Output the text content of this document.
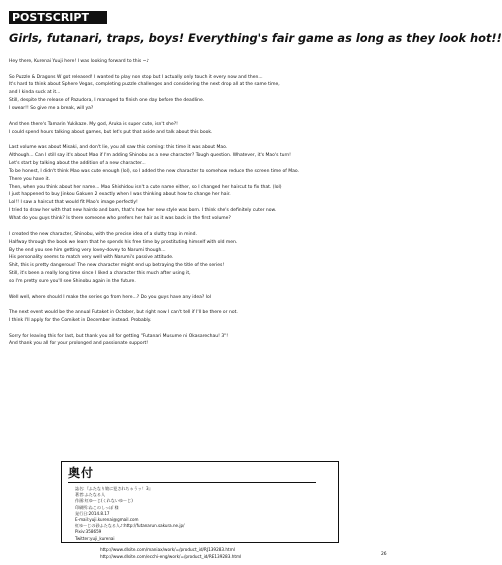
POSTSCRIPT
Girls, futanari, traps, boys! Everything's fair game as long as they look hot!!

Hey there, Kurenai Yuuji here! I was looking forward to this ~♪

So Puzzle & Dragons W got released! I wanted to play non stop but I actually only touch it every now and then...

It's hard to think about Sphere Vegas, completing puzzle challenges and considering the next drop all at the same time,

and I kinda suck at it...

Still, despite the release of Pazudora, I managed to finish one day before the deadline.

I swear!! So give me a break, will ya?

And then there's Tamarin Yukikaze. My god, Aruka is super cute, isn't she?!

I could spend hours talking about games, but let's put that aside and talk about this book.

Last volume was about Misaki, and don't lie, you all saw this coming: this time it was about Mao.

Although... Can I still say it's about Mao if I'm adding Shinobu as a new character? Tough question. Whatever, it's Mao's turn!

Let's start by talking about the addition of a new character...

To be honest, I didn't think Mao was cute enough (lol), so I added the new character to somehow reduce the screen time of Mao.

There you have it.

Then, when you think about her name... Mao Shishidou isn't a cute name either, so I changed her haircut to fix that. (lol)

I just happened to buy Jinkou Gakuen 2 exactly when I was thinking about how to change her hair.

Lol!! I saw a haircut that would fit Mao's image perfectly!

I tried to draw her with that new hairdo and bam, that's how her new style was born. I think she's definitely cuter now.

What do you guys think? Is there someone who prefers her hair as it was back in the first volume?

I created the new character, Shinobu, with the precise idea of a slutty trap in mind.

Halfway through the book we learn that he spends his free time by prostituting himself with old men.

By the end you see him getting very lovey-dovey to Narumi though...

His personality seems to match very well with Narumi's passive attitude.

Shit, this is pretty dangerous! The new character might end up betraying the title of the series!

Still, it's been a really long time since I liked a character this much after using it,

so I'm pretty sure you'll see Shinobu again in the future.

Well well, where should I make the series go from here...? Do you guys have any idea? lol

The next event would be the annual Futaket in October, but right now I can't tell if I'll be there or not.

I think I'll apply for the Comiket in December instead. Probably.

Sorry for leaving this for last, but thank you all for getting "Futanari Musume ni Okasarechau! 3"!

And thank you all for your prolonged and passionate support!

奥付
誌名:『ふたなり娘に犯されちゃうッ！3』
著者:ふたなる人
作画:紅ゆーじ(くれないゆーじ)
印刷所:ねこのしっぽ 様
発行日:2014.8.17
E-mail:yuji.kurenai@gmail.com
紅ゆーじの砂ふたなる人♪:http://futanarun.sakura.ne.jp/
Pixiv:358659
Twitter:yuji_kurenai
http://www.dlsite.com/maniax/work/=/product_id/RJ139283.html
http://www.dlsite.com/ecchi-eng/work/=/product_id/RE139283.html	26
